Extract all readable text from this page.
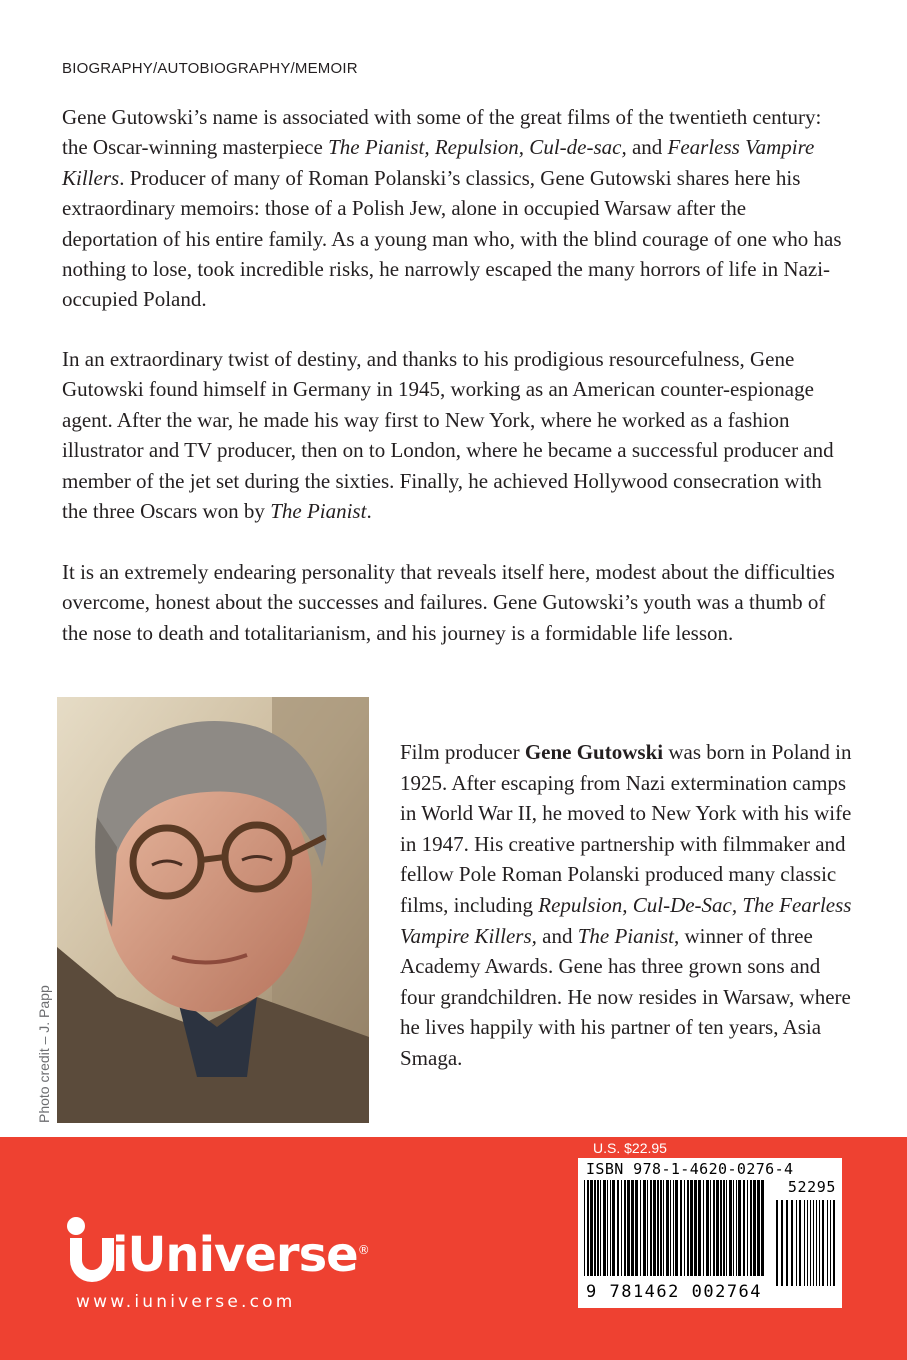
BIOGRAPHY/AUTOBIOGRAPHY/MEMOIR

Gene Gutowski’s name is associated with some of the great films of the twentieth century: the Oscar-winning masterpiece The Pianist, Repulsion, Cul-de-sac, and Fearless Vampire Killers. Producer of many of Roman Polanski’s classics, Gene Gutowski shares here his extraordinary memoirs: those of a Polish Jew, alone in occupied Warsaw after the deportation of his entire family. As a young man who, with the blind courage of one who has nothing to lose, took incredible risks, he narrowly escaped the many horrors of life in Nazi-occupied Poland.

In an extraordinary twist of destiny, and thanks to his prodigious resourcefulness, Gene Gutowski found himself in Germany in 1945, working as an American counter-espionage agent. After the war, he made his way first to New York, where he worked as a fashion illustrator and TV producer, then on to London, where he became a successful producer and member of the jet set during the sixties. Finally, he achieved Hollywood consecration with the three Oscars won by The Pianist.

It is an extremely endearing personality that reveals itself here, modest about the difficulties overcome, honest about the successes and failures. Gene Gutowski’s youth was a thumb of the nose to death and totalitarianism, and his journey is a formidable life lesson.

Photo credit – J. Papp

Film producer Gene Gutowski was born in Poland in 1925. After escaping from Nazi extermination camps in World War II, he moved to New York with his wife in 1947. His creative partnership with filmmaker and fellow Pole Roman Polanski produced many classic films, including Repulsion, Cul-De-Sac, The Fearless Vampire Killers, and The Pianist, winner of three Academy Awards. Gene has three grown sons and four grandchildren. He now resides in Warsaw, where he lives happily with his partner of ten years, Asia Smaga.

iUniverse®
www.iuniverse.com
U.S. $22.95
ISBN 978-1-4620-0276-4
52295
9 781462 002764
